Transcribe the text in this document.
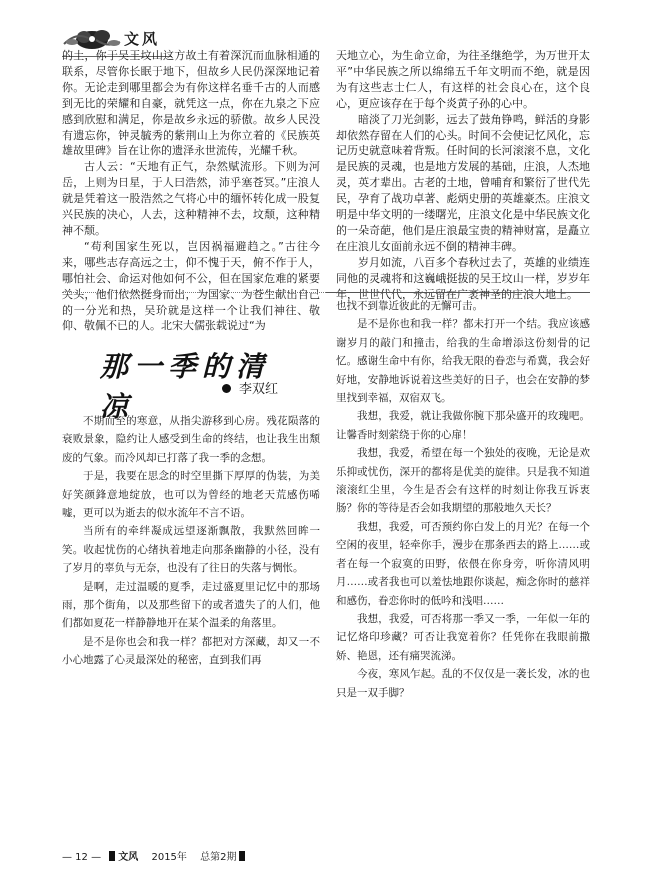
文风

的土，你于吴王坟山这方故土有着深沉而血脉相通的联系，尽管你长眠于地下，但故乡人民仍深深地记着你。无论走到哪里都会为有你这样名垂千古的人而感到无比的荣耀和自豪，就凭这一点，你在九泉之下应感到欣慰和满足，你是故乡永远的骄傲。故乡人民没有遗忘你，钟灵毓秀的紫荆山上为你立着的《民族英雄故里碑》旨在让你的遗泽永世流传，光耀千秋。

古人云：“天地有正气，杂然赋流形。下则为河岳，上则为日星，于人曰浩然，沛乎塞苍冥。”庄浪人就是凭着这一股浩然之气将心中的缅怀转化成一股复兴民族的决心，人去，这种精神不去，坟颓，这种精神不颓。

“苟利国家生死以，岂因祸福避趋之。”古往今来，哪些志存高远之士，仰不愧于天，俯不作于人，哪怕社会、命运对他如何不公，但在国家危难的紧要关头，他们依然挺身而出，为国家、为苍生献出自己的一分光和热，吴玠就是这样一个让我们神往、敬仰、敬佩不已的人。北宋大儒张载说过“为

天地立心，为生命立命，为往圣继绝学，为万世开太平”中华民族之所以绵绵五千年文明而不绝，就是因为有这些志士仁人，有这样的社会良心在，这个良心，更应该存在于每个炎黄子孙的心中。

暗淡了刀光剑影，远去了鼓角铮鸣，鲜活的身影却依然存留在人们的心头。时间不会使记忆风化，忘记历史就意味着背叛。任时间的长河滚滚不息，文化是民族的灵魂，也是地方发展的基础，庄浪，人杰地灵，英才辈出。古老的土地，曾哺育和繁衍了世代先民，孕育了战功卓著、彪炳史册的英雄豪杰。庄浪文明是中华文明的一缕曙光，庄浪文化是中华民族文化的一朵奇葩，他们是庄浪最宝贵的精神财富，是矗立在庄浪儿女面前永远不倒的精神丰碑。

岁月如流，八百多个春秋过去了，英雄的业绩连同他的灵魂将和这巍峨挺拔的吴王坟山一样，岁岁年年，世世代代，永远留在广袤神圣的庄浪大地上。

那一季的清凉
李双红

不期而至的寒意，从指尖游移到心房。残花陨落的衰败景象，隐约让人感受到生命的终结，也让我生出颓废的气象。而冷风却已打落了我一季的念想。

于是，我要在思念的时空里撕下厚厚的伪装，为美好笑颜鋒意地绽放，也可以为曾经的地老天荒感伤唏嘘，更可以为逝去的似水流年不言不语。

当所有的牵绊凝成远望逐渐飘散，我默然回眸一笑。收起忧伤的心绪执着地走向那条幽静的小径，没有了岁月的辜负与无奈，也没有了往日的失落与惆怅。

是啊，走过温暖的夏季，走过盛夏里记忆中的那场雨，那个街角，以及那些留下的或者遗失了的人们，他们都如夏花一样静静地开在某个温柔的角落里。

是不是你也会和我一样？都把对方深藏，却又一不小心地露了心灵最深处的秘密，直到我们再

也找不到靠近彼此的无懈可击。

是不是你也和我一样？都未打开一个结。我应该感谢岁月的敲门和撞击，给我的生命增添这份刻骨的记忆。感谢生命中有你，给我无限的眷恋与希冀，我会好好地，安静地诉说着这些美好的日子，也会在安静的梦里找到幸福，双宿双飞。

我想，我爱，就让我做你腕下那朵盛开的玫瑰吧。让馨香时刻萦绕于你的心扉！

我想，我爱，希望在每一个独处的夜晚，无论是欢乐抑或忧伤，深开的都将是优美的旋律。只是我不知道滚滚红尘里，今生是否会有这样的时刻让你我互诉衷肠？你的等待是否会如我期望的那般地久天长？

我想，我爱，可否预约你白发上的月光？在每一个空闲的夜里，轻牵你手，漫步在那条西去的路上……或者在每一个寂寞的田野，依偎在你身旁，听你清风明月……或者我也可以羞怯地跟你谈起，痴念你时的慈祥和感伤，眷恋你时的低吟和浅唱……

我想，我爱，可否将那一季又一季，一年似一年的记忆烙印珍藏？可否让我宽着你？任凭你在我眼前撒娇、艳恩，还有痛哭流涕。

今夜，寒风乍起。乱的不仅仅是一袭长发，冰的也只是一双手脚？

— 12 — 文风 2015年 总第2期
